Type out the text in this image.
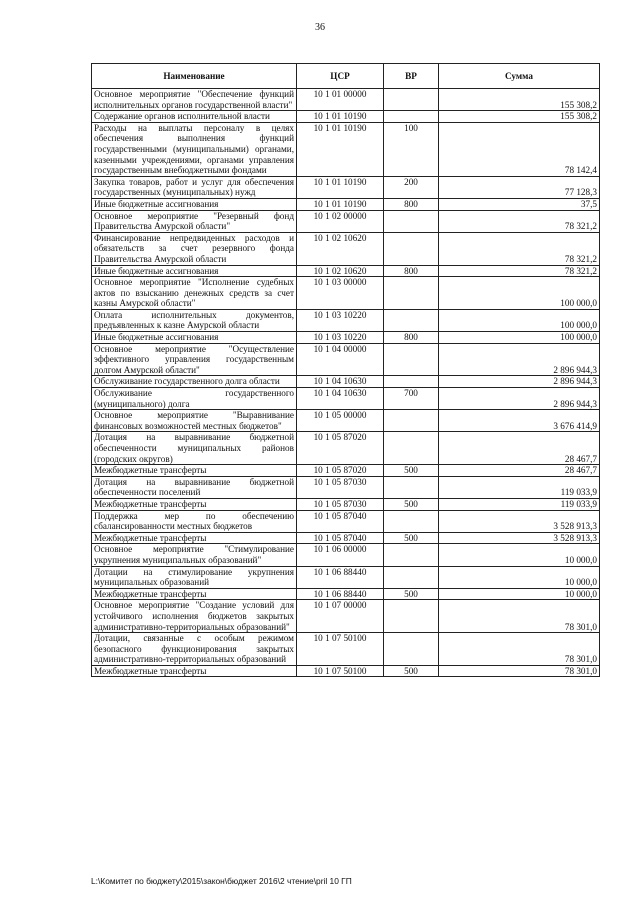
36
Наименование	ЦСР	ВР	Сумма
Основное мероприятие "Обеспечение функций исполнительных органов государственной власти"	10 1 01 00000		155 308,2
Содержание органов исполнительной власти	10 1 01 10190		155 308,2
Расходы на выплаты персоналу в целях обеспечения выполнения функций государственными (муниципальными) органами, казенными учреждениями, органами управления государственным внебюджетными фондами	10 1 01 10190	100	78 142,4
Закупка товаров, работ и услуг для обеспечения государственных (муниципальных) нужд	10 1 01 10190	200	77 128,3
Иные бюджетные ассигнования	10 1 01 10190	800	37,5
Основное мероприятие "Резервный фонд Правительства Амурской области"	10 1 02 00000		78 321,2
Финансирование непредвиденных расходов и обязательств за счет резервного фонда Правительства Амурской области	10 1 02 10620		78 321,2
Иные бюджетные ассигнования	10 1 02 10620	800	78 321,2
Основное мероприятие "Исполнение судебных актов по взысканию денежных средств за счет казны Амурской области"	10 1 03 00000		100 000,0
Оплата исполнительных документов, предъявленных к казне Амурской области	10 1 03 10220		100 000,0
Иные бюджетные ассигнования	10 1 03 10220	800	100 000,0
Основное мероприятие "Осуществление эффективного управления государственным долгом Амурской области"	10 1 04 00000		2 896 944,3
Обслуживание государственного долга области	10 1 04 10630		2 896 944,3
Обслуживание государственного (муниципального) долга	10 1 04 10630	700	2 896 944,3
Основное мероприятие "Выравнивание финансовых возможностей местных бюджетов"	10 1 05 00000		3 676 414,9
Дотация на выравнивание бюджетной обеспеченности муниципальных районов (городских округов)	10 1 05 87020		28 467,7
Межбюджетные трансферты	10 1 05 87020	500	28 467,7
Дотация на выравнивание бюджетной обеспеченности поселений	10 1 05 87030		119 033,9
Межбюджетные трансферты	10 1 05 87030	500	119 033,9
Поддержка мер по обеспечению сбалансированности местных бюджетов	10 1 05 87040		3 528 913,3
Межбюджетные трансферты	10 1 05 87040	500	3 528 913,3
Основное мероприятие "Стимулирование укрупнения муниципальных образований"	10 1 06 00000		10 000,0
Дотации на стимулирование укрупнения муниципальных образований	10 1 06 88440		10 000,0
Межбюджетные трансферты	10 1 06 88440	500	10 000,0
Основное мероприятие "Создание условий для устойчивого исполнения бюджетов закрытых административно-территориальных образований"	10 1 07 00000		78 301,0
Дотации, связанные с особым режимом безопасного функционирования закрытых административно-территориальных образований	10 1 07 50100		78 301,0
Межбюджетные трансферты	10 1 07 50100	500	78 301,0
L:\Комитет по бюджету\2015\закон\бюджет 2016\2 чтение\pril 10 ГП
